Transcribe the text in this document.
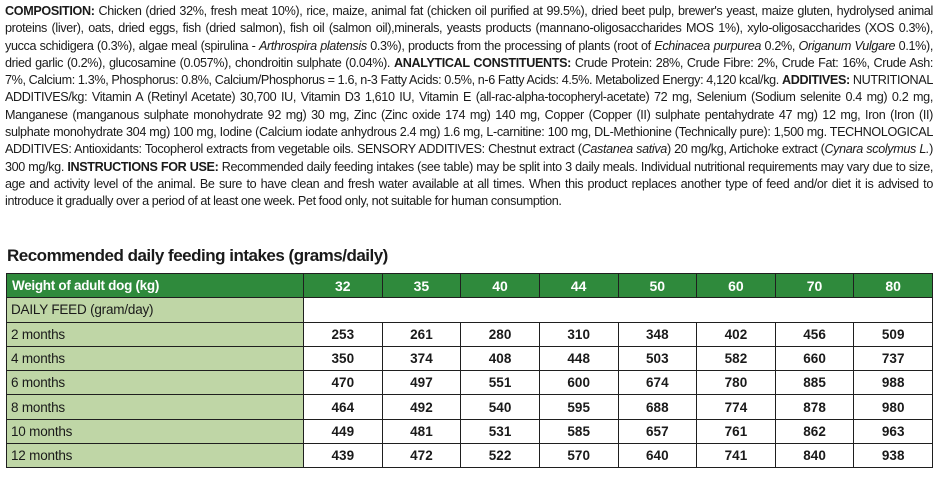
COMPOSITION: Chicken (dried 32%, fresh meat 10%), rice, maize, animal fat (chicken oil purified at 99.5%), dried beet pulp, brewer's yeast, maize gluten, hydrolysed animal proteins (liver), oats, dried eggs, fish (dried salmon), fish oil (salmon oil),minerals, yeasts products (mannano-oligosaccharides MOS 1%), xylo-oligosaccharides (XOS 0.3%), yucca schidigera (0.3%), algae meal (spirulina - Arthrospira platensis 0.3%), products from the processing of plants (root of Echinacea purpurea 0.2%, Origanum Vulgare 0.1%), dried garlic (0.2%), glucosamine (0.057%), chondroitin sulphate (0.04%). ANALYTICAL CONSTITUENTS: Crude Protein: 28%, Crude Fibre: 2%, Crude Fat: 16%, Crude Ash: 7%, Calcium: 1.3%, Phosphorus: 0.8%, Calcium/Phosphorus = 1.6, n-3 Fatty Acids: 0.5%, n-6 Fatty Acids: 4.5%. Metabolized Energy: 4,120 kcal/kg. ADDITIVES: NUTRITIONAL ADDITIVES/kg: Vitamin A (Retinyl Acetate) 30,700 IU, Vitamin D3 1,610 IU, Vitamin E (all-rac-alpha-tocopheryl-acetate) 72 mg, Selenium (Sodium selenite 0.4 mg) 0.2 mg, Manganese (manganous sulphate monohydrate 92 mg) 30 mg, Zinc (Zinc oxide 174 mg) 140 mg, Copper (Copper (II) sulphate pentahydrate 47 mg) 12 mg, Iron (Iron (II) sulphate monohydrate 304 mg) 100 mg, Iodine (Calcium iodate anhydrous 2.4 mg) 1.6 mg, L-carnitine: 100 mg, DL-Methionine (Technically pure): 1,500 mg. TECHNOLOGICAL ADDITIVES: Antioxidants: Tocopherol extracts from vegetable oils. SENSORY ADDITIVES: Chestnut extract (Castanea sativa) 20 mg/kg, Artichoke extract (Cynara scolymus L.) 300 mg/kg. INSTRUCTIONS FOR USE: Recommended daily feeding intakes (see table) may be split into 3 daily meals. Individual nutritional requirements may vary due to size, age and activity level of the animal. Be sure to have clean and fresh water available at all times. When this product replaces another type of feed and/or diet it is advised to introduce it gradually over a period of at least one week. Pet food only, not suitable for human consumption.
Recommended daily feeding intakes (grams/daily)
Weight of adult dog (kg)	32	35	40	44	50	60	70	80
DAILY FEED (gram/day)								
2 months	253	261	280	310	348	402	456	509
4 months	350	374	408	448	503	582	660	737
6 months	470	497	551	600	674	780	885	988
8 months	464	492	540	595	688	774	878	980
10 months	449	481	531	585	657	761	862	963
12 months	439	472	522	570	640	741	840	938
